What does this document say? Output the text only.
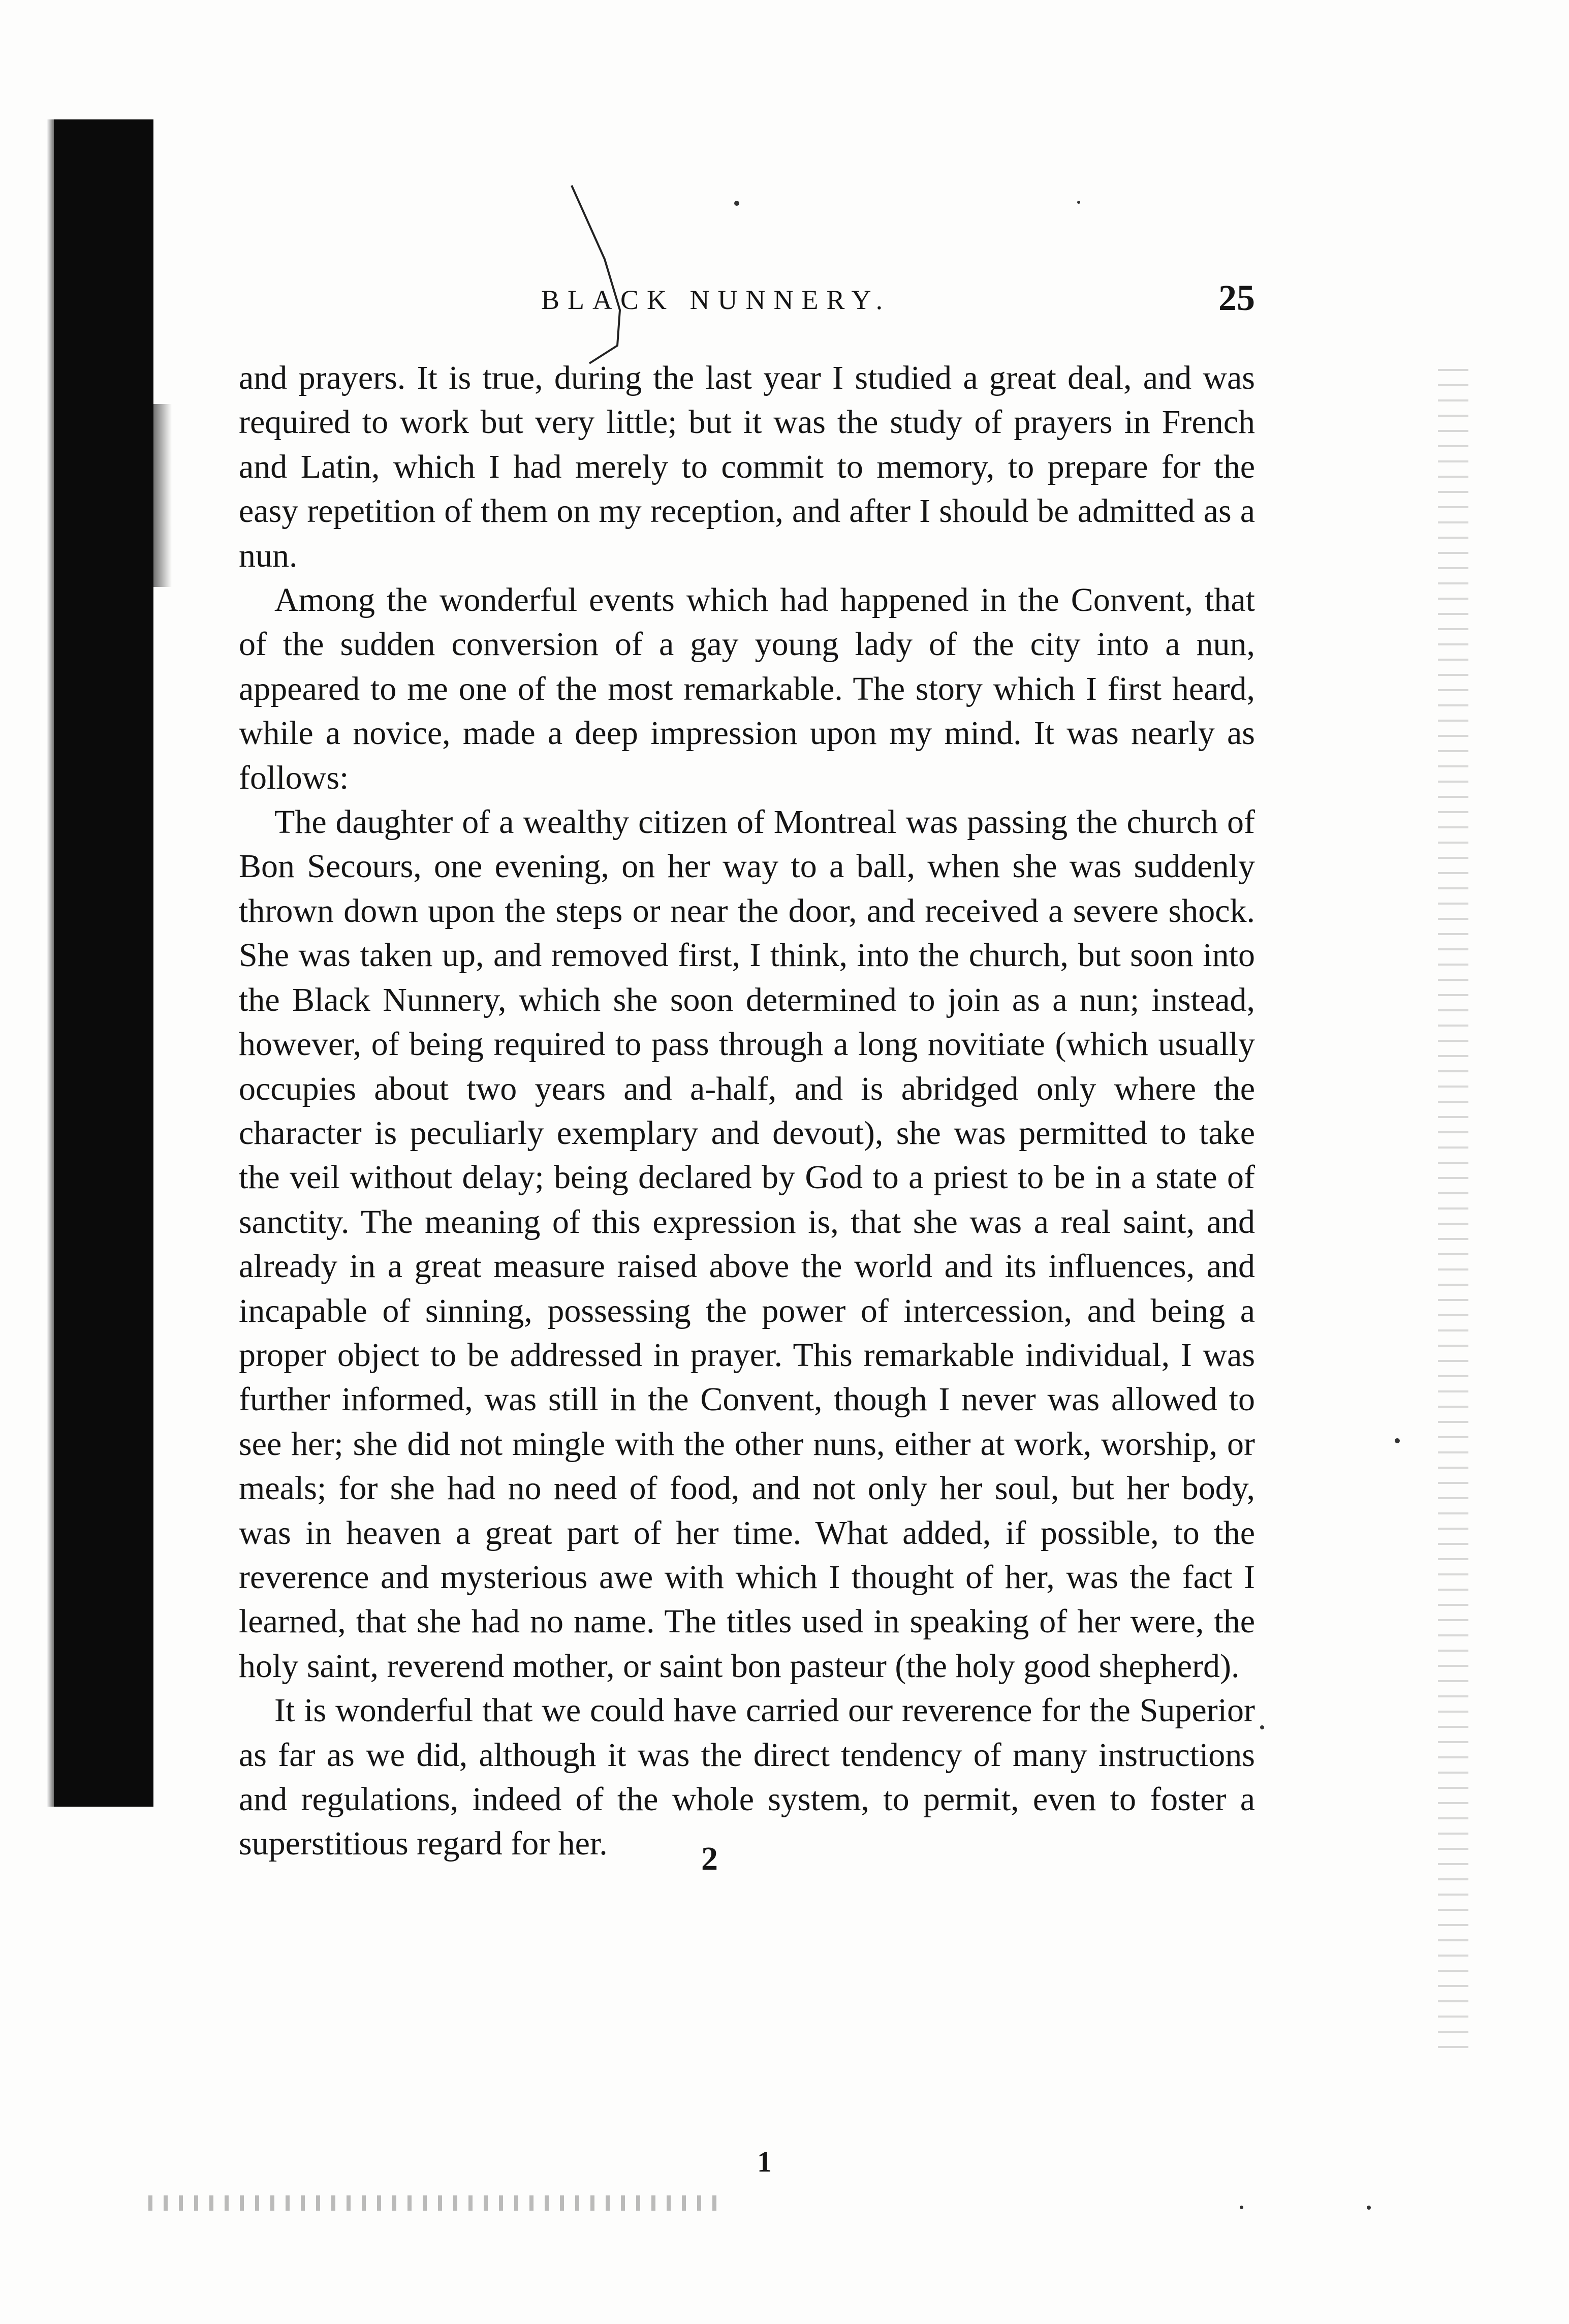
BLACK NUNNERY.	25

and prayers. It is true, during the last year I studied a great deal, and was required to work but very little; but it was the study of prayers in French and Latin, which I had merely to commit to memory, to prepare for the easy repetition of them on my reception, and after I should be admitted as a nun.

Among the wonderful events which had happened in the Convent, that of the sudden conversion of a gay young lady of the city into a nun, appeared to me one of the most remarkable. The story which I first heard, while a novice, made a deep impression upon my mind. It was nearly as follows:

The daughter of a wealthy citizen of Montreal was passing the church of Bon Secours, one evening, on her way to a ball, when she was suddenly thrown down upon the steps or near the door, and received a severe shock. She was taken up, and removed first, I think, into the church, but soon into the Black Nunnery, which she soon determined to join as a nun; instead, however, of being required to pass through a long novitiate (which usually occupies about two years and a-half, and is abridged only where the character is peculiarly exemplary and devout), she was permitted to take the veil without delay; being declared by God to a priest to be in a state of sanctity. The meaning of this expression is, that she was a real saint, and already in a great measure raised above the world and its influences, and incapable of sinning, possessing the power of intercession, and being a proper object to be addressed in prayer. This remarkable individual, I was further informed, was still in the Convent, though I never was allowed to see her; she did not mingle with the other nuns, either at work, worship, or meals; for she had no need of food, and not only her soul, but her body, was in heaven a great part of her time. What added, if possible, to the reverence and mysterious awe with which I thought of her, was the fact I learned, that she had no name. The titles used in speaking of her were, the holy saint, reverend mother, or saint bon pasteur (the holy good shepherd).

It is wonderful that we could have carried our reverence for the Superior as far as we did, although it was the direct tendency of many instructions and regulations, indeed of the whole system, to permit, even to foster a superstitious regard for her.	2
1
